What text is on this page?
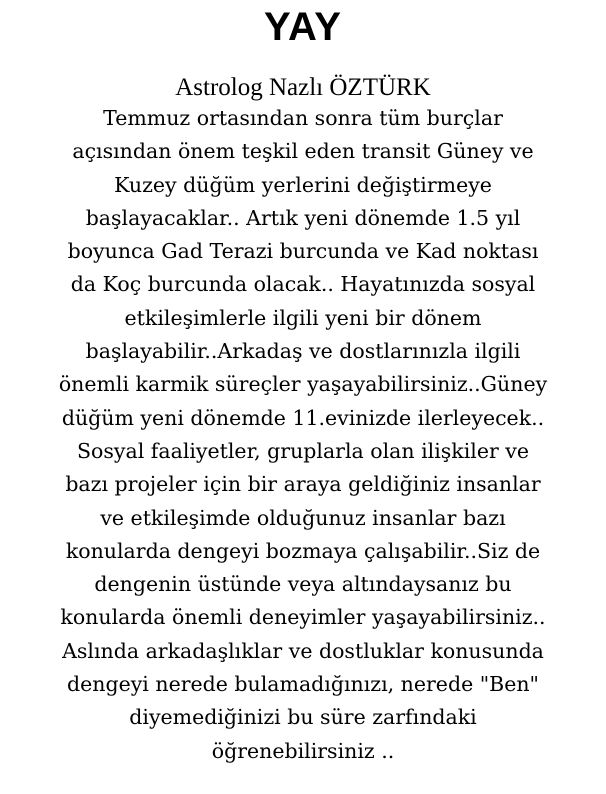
YAY
Astrolog Nazlı ÖZTÜRK
Temmuz ortasından sonra tüm burçlar
açısından önem teşkil eden transit Güney ve
Kuzey düğüm yerlerini değiştirmeye
başlayacaklar.. Artık yeni dönemde 1.5 yıl
boyunca Gad Terazi burcunda ve Kad noktası
da Koç burcunda olacak.. Hayatınızda sosyal
etkileşimlerle ilgili yeni bir dönem
başlayabilir..Arkadaş ve dostlarınızla ilgili
önemli karmik süreçler yaşayabilirsiniz..Güney
düğüm yeni dönemde 11.evinizde ilerleyecek..
Sosyal faaliyetler, gruplarla olan ilişkiler ve
bazı projeler için bir araya geldiğiniz insanlar
ve etkileşimde olduğunuz insanlar bazı
konularda dengeyi bozmaya çalışabilir..Siz de
dengenin üstünde veya altındaysanız bu
konularda önemli deneyimler yaşayabilirsiniz..
Aslında arkadaşlıklar ve dostluklar konusunda
dengeyi nerede bulamadığınızı, nerede "Ben"
diyemediğinizi bu süre zarfındaki
öğrenebilirsiniz ..
